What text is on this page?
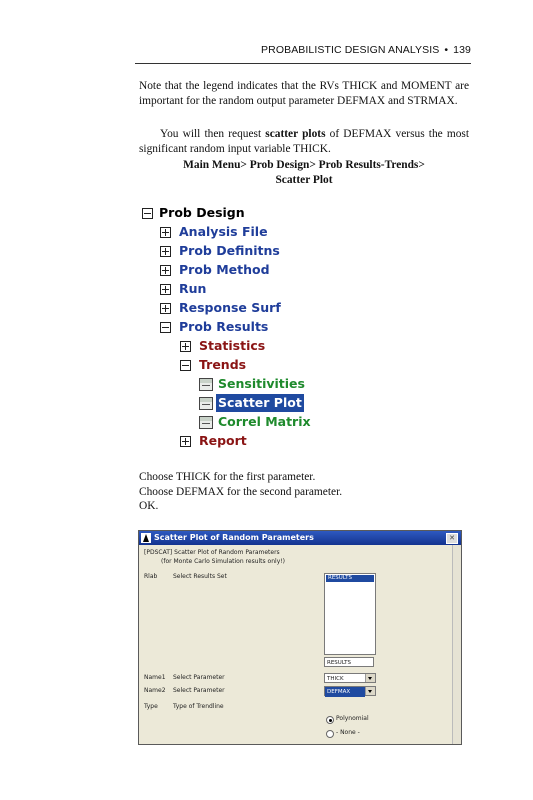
PROBABILISTIC DESIGN ANALYSIS • 139
Note that the legend indicates that the RVs THICK and MOMENT are important for the random output parameter DEFMAX and STRMAX.
You will then request scatter plots of DEFMAX versus the most significant random input variable THICK.
Main Menu> Prob Design> Prob Results-Trends>
Scatter Plot
Prob Design
Analysis File
Prob Definitns
Prob Method
Run
Response Surf
Prob Results
Statistics
Trends
Sensitivities
Scatter Plot
Correl Matrix
Report
Choose THICK for the first parameter.
Choose DEFMAX for the second parameter.
OK.
Scatter Plot of Random Parameters	✕
[PDSCAT] Scatter Plot of Random Parameters
(for Monte Carlo Simulation results only!)
Rlab	Select Results Set	RESULTS
RESULTS
Name1 Select Parameter	THICK
Name2 Select Parameter	DEFMAX
Type	Type of Trendline
Polynomial
- None -
